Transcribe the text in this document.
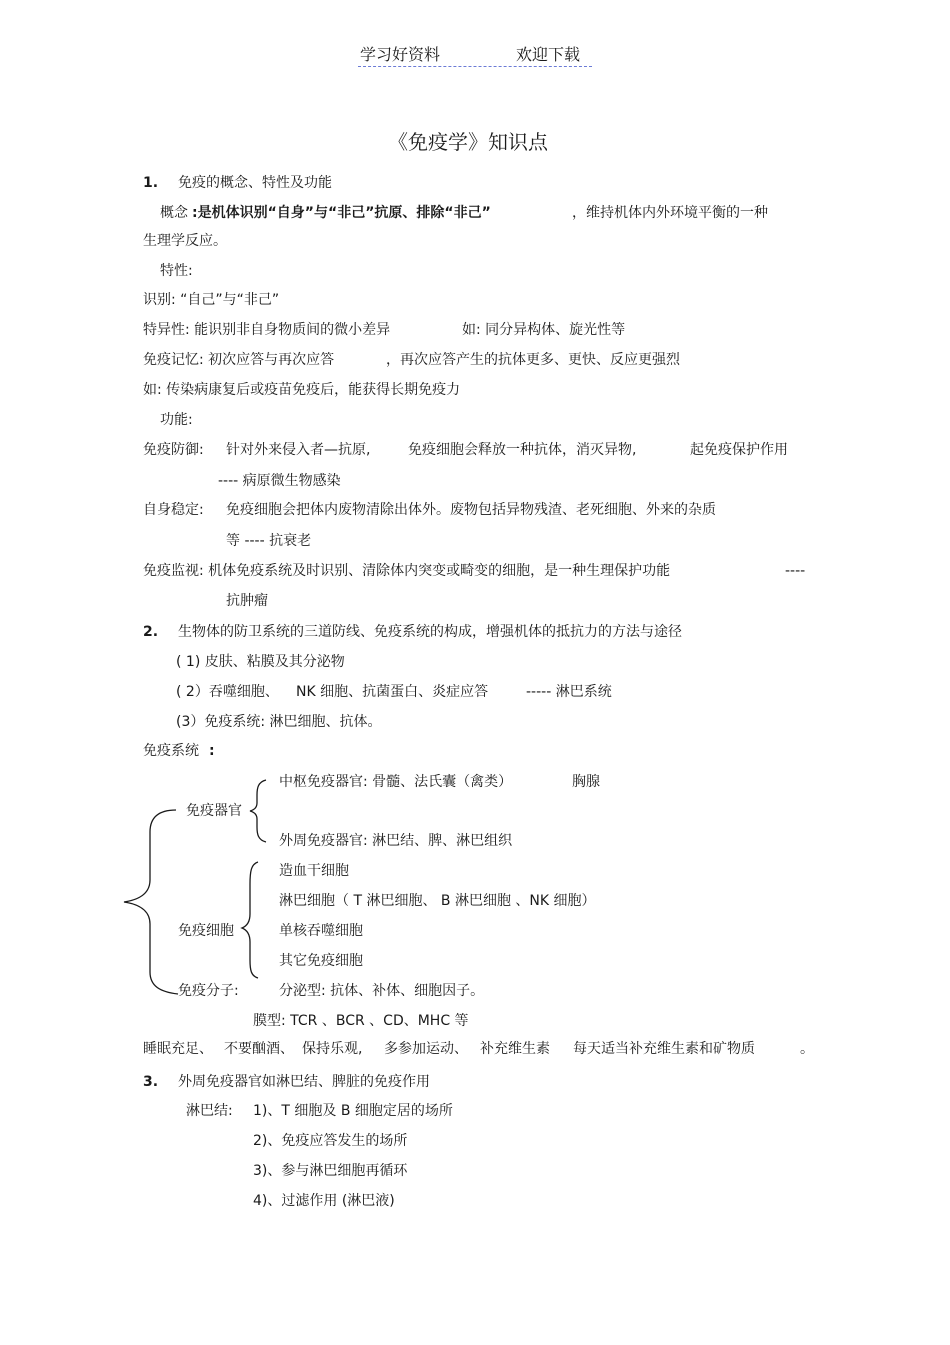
学习好资料	欢迎下载
《免疫学》知识点
1. 免疫的概念、特性及功能
概念 :是机体识别“自身”与“非己”抗原、排除“非己”	，维持机体内外环境平衡的一种
生理学反应。
特性:
识别: “自己”与“非己”
特异性: 能识别非自身物质间的微小差异	如: 同分异构体、旋光性等
免疫记忆: 初次应答与再次应答	，再次应答产生的抗体更多、更快、反应更强烈
如: 传染病康复后或疫苗免疫后，能获得长期免疫力
功能:
免疫防御: 针对外来侵入者—抗原,	免疫细胞会释放一种抗体，消灭异物,	起免疫保护作用
---- 病原微生物感染
自身稳定: 免疫细胞会把体内废物清除出体外。废物包括异物残渣、老死细胞、外来的杂质
等 ---- 抗衰老
免疫监视: 机体免疫系统及时识别、清除体内突变或畸变的细胞，是一种生理保护功能	----
抗肿瘤
2. 生物体的防卫系统的三道防线、免疫系统的构成，增强机体的抵抗力的方法与途径
( 1) 皮肤、粘膜及其分泌物
( 2）吞噬细胞、 NK 细胞、抗菌蛋白、炎症应答	----- 淋巴系统
(3）免疫系统: 淋巴细胞、抗体。
免疫系统 :
中枢免疫器官: 骨髓、法氏囊（禽类）	胸腺
免疫器官
外周免疫器官: 淋巴结、脾、淋巴组织
造血干细胞
淋巴细胞（ T 淋巴细胞、 B 淋巴细胞 、NK 细胞）
免疫细胞	单核吞噬细胞
其它免疫细胞
免疫分子:	分泌型: 抗体、补体、细胞因子。
膜型: TCR 、BCR 、CD、MHC 等
睡眠充足、 不要酗酒、 保持乐观, 多参加运动、 补充维生素 每天适当补充维生素和矿物质	。
3. 外周免疫器官如淋巴结、脾脏的免疫作用
淋巴结: 1)、T 细胞及 B 细胞定居的场所
2)、免疫应答发生的场所
3)、参与淋巴细胞再循环
4)、过滤作用 (淋巴液)
